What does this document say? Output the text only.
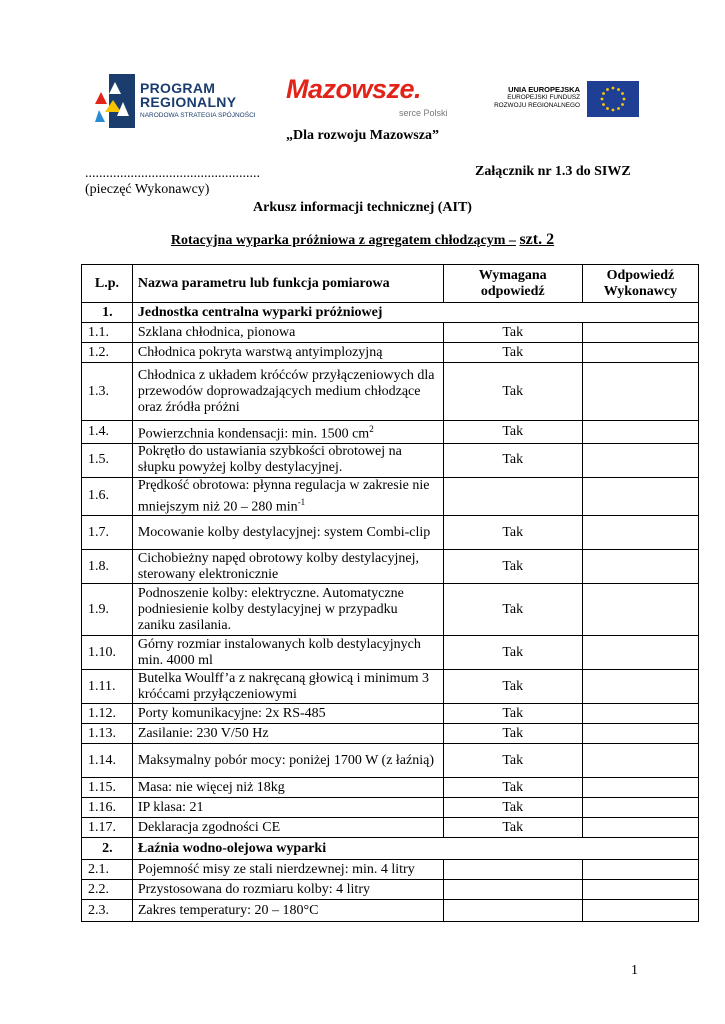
PROGRAM
REGIONALNY
NARODOWA STRATEGIA SPÓJNOŚCI
Mazowsze.
serce Polski
UNIA EUROPEJSKA
EUROPEJSKI FUNDUSZ
ROZWOJU REGIONALNEGO
„Dla rozwoju Mazowsza”
..................................................	Załącznik nr 1.3 do SIWZ
(pieczęć Wykonawcy)
Arkusz informacji technicznej (AIT)
Rotacyjna wyparka próżniowa z agregatem chłodzącym – szt. 2
L.p.	Nazwa parametru lub funkcja pomiarowa	Wymagana odpowiedź	Odpowiedź Wykonawcy
1.	Jednostka centralna wyparki próżniowej		
1.1.	Szklana chłodnica, pionowa	Tak	
1.2.	Chłodnica pokryta warstwą antyimplozyjną	Tak	
1.3.	Chłodnica z układem króćców przyłączeniowych dla przewodów doprowadzających medium chłodzące oraz źródła próżni	Tak	
1.4.	Powierzchnia kondensacji: min. 1500 $cm^2$	Tak	
1.5.	Pokrętło do ustawiania szybkości obrotowej na słupku powyżej kolby destylacyjnej.	Tak	
1.6.	Prędkość obrotowa: płynna regulacja w zakresie nie mniejszym niż 20 – 280 $\min^{-1}$		
1.7.	Mocowanie kolby destylacyjnej: system Combi-clip	Tak	
1.8.	Cichobieżny napęd obrotowy kolby destylacyjnej, sterowany elektronicznie	Tak	
1.9.	Podnoszenie kolby: elektryczne. Automatyczne podniesienie kolby destylacyjnej w przypadku zaniku zasilania.	Tak	
1.10.	Górny rozmiar instalowanych kolb destylacyjnych min. 4000 ml	Tak	
1.11.	Butelka Woulff’a z nakręcaną głowicą i minimum 3 króćcami przyłączeniowymi	Tak	
1.12.	Porty komunikacyjne: 2x RS-485	Tak	
1.13.	Zasilanie: 230 V/50 Hz	Tak	
1.14.	Maksymalny pobór mocy: poniżej 1700 W (z łaźnią)	Tak	
1.15.	Masa: nie więcej niż 18kg	Tak	
1.16.	IP klasa: 21	Tak	
1.17.	Deklaracja zgodności CE	Tak	
2.	Łaźnia wodno-olejowa wyparki		
2.1.	Pojemność misy ze stali nierdzewnej: min. 4 litry		
2.2.	Przystosowana do rozmiaru kolby: 4 litry		
2.3.	Zakres temperatury: 20 – 180°C		
1
